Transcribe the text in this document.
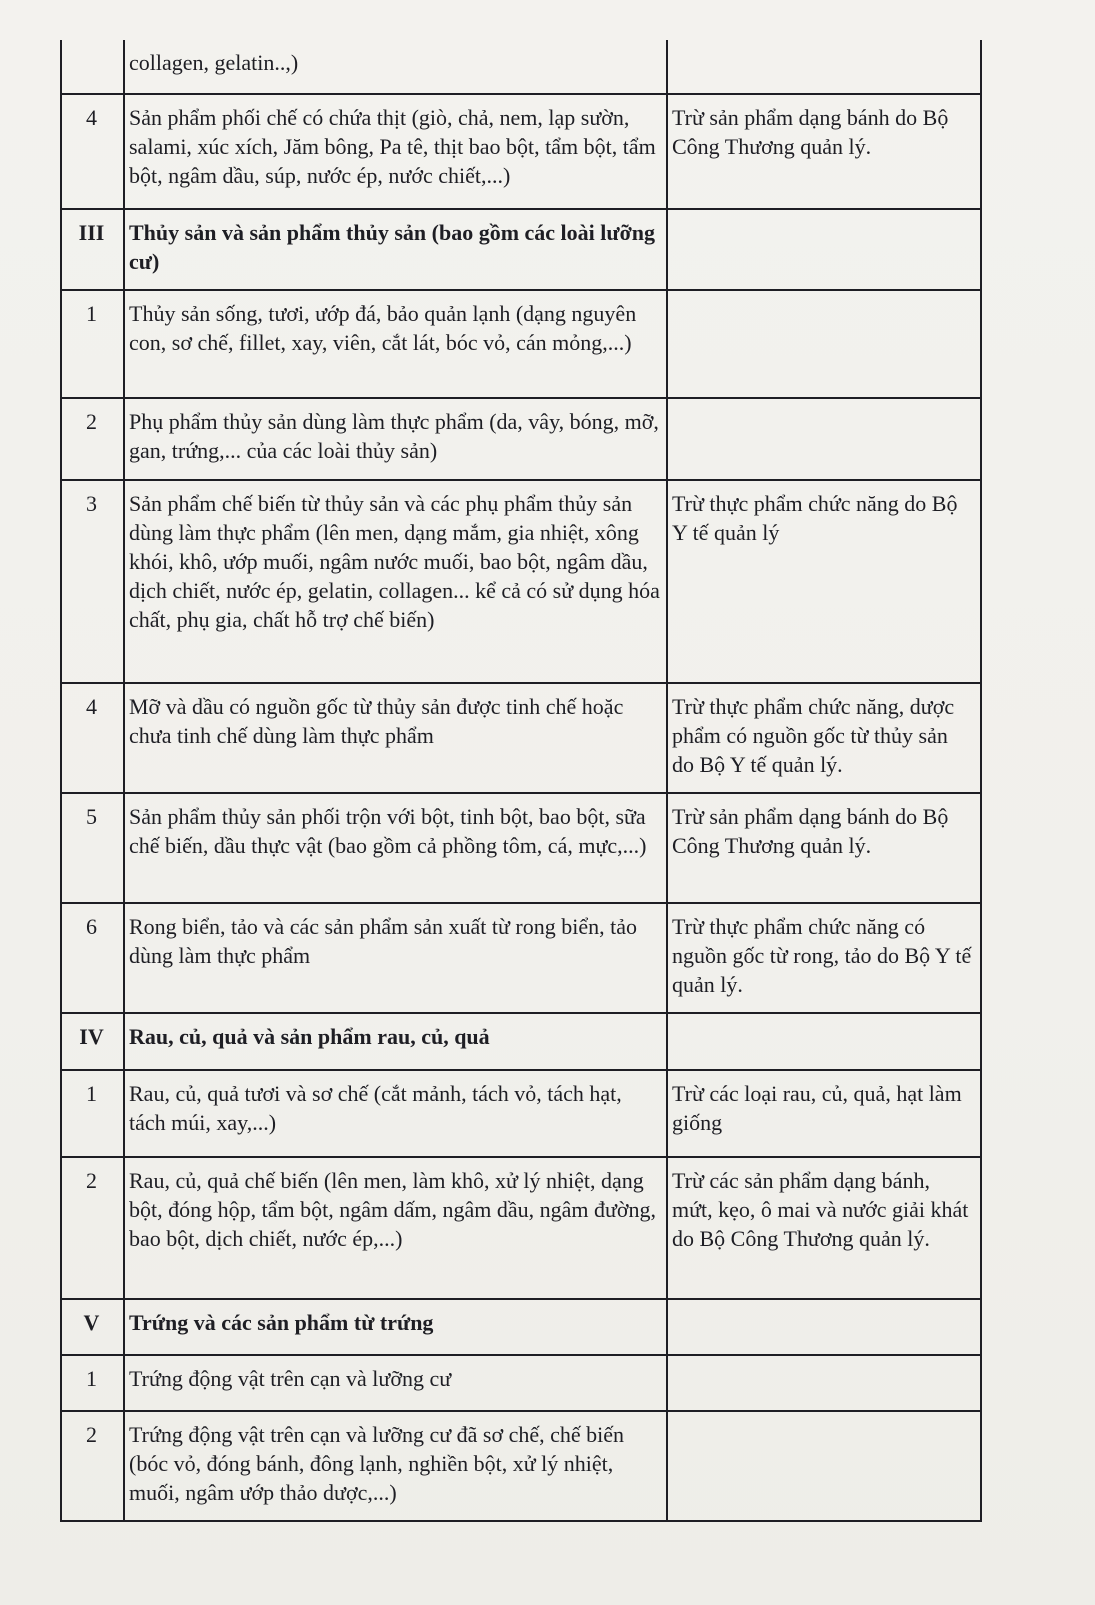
	collagen, gelatin..,)	
4	Sản phẩm phối chế có chứa thịt (giò, chả, nem, lạp sườn, salami, xúc xích, Jăm bông, Pa tê, thịt bao bột, tẩm bột, tẩm bột, ngâm dầu, súp, nước ép, nước chiết,...)	Trừ sản phẩm dạng bánh do Bộ Công Thương quản lý.
III	Thủy sản và sản phẩm thủy sản (bao gồm các loài lưỡng cư)	
1	Thủy sản sống, tươi, ướp đá, bảo quản lạnh (dạng nguyên con, sơ chế, fillet, xay, viên, cắt lát, bóc vỏ, cán mỏng,...)	
2	Phụ phẩm thủy sản dùng làm thực phẩm (da, vây, bóng, mỡ, gan, trứng,... của các loài thủy sản)	
3	Sản phẩm chế biến từ thủy sản và các phụ phẩm thủy sản dùng làm thực phẩm (lên men, dạng mắm, gia nhiệt, xông khói, khô, ướp muối, ngâm nước muối, bao bột, ngâm dầu, dịch chiết, nước ép, gelatin, collagen... kể cả có sử dụng hóa chất, phụ gia, chất hỗ trợ chế biến)	Trừ thực phẩm chức năng do Bộ Y tế quản lý
4	Mỡ và dầu có nguồn gốc từ thủy sản được tinh chế hoặc chưa tinh chế dùng làm thực phẩm	Trừ thực phẩm chức năng, dược phẩm có nguồn gốc từ thủy sản do Bộ Y tế quản lý.
5	Sản phẩm thủy sản phối trộn với bột, tinh bột, bao bột, sữa chế biến, dầu thực vật (bao gồm cả phồng tôm, cá, mực,...)	Trừ sản phẩm dạng bánh do Bộ Công Thương quản lý.
6	Rong biển, tảo và các sản phẩm sản xuất từ rong biển, tảo dùng làm thực phẩm	Trừ thực phẩm chức năng có nguồn gốc từ rong, tảo do Bộ Y tế quản lý.
IV	Rau, củ, quả và sản phẩm rau, củ, quả	
1	Rau, củ, quả tươi và sơ chế (cắt mảnh, tách vỏ, tách hạt, tách múi, xay,...)	Trừ các loại rau, củ, quả, hạt làm giống
2	Rau, củ, quả chế biến (lên men, làm khô, xử lý nhiệt, dạng bột, đóng hộp, tẩm bột, ngâm dấm, ngâm dầu, ngâm đường, bao bột, dịch chiết, nước ép,...)	Trừ các sản phẩm dạng bánh, mứt, kẹo, ô mai và nước giải khát do Bộ Công Thương quản lý.
V	Trứng và các sản phẩm từ trứng	
1	Trứng động vật trên cạn và lưỡng cư	
2	Trứng động vật trên cạn và lưỡng cư đã sơ chế, chế biến (bóc vỏ, đóng bánh, đông lạnh, nghiền bột, xử lý nhiệt, muối, ngâm ướp thảo dược,...)	
